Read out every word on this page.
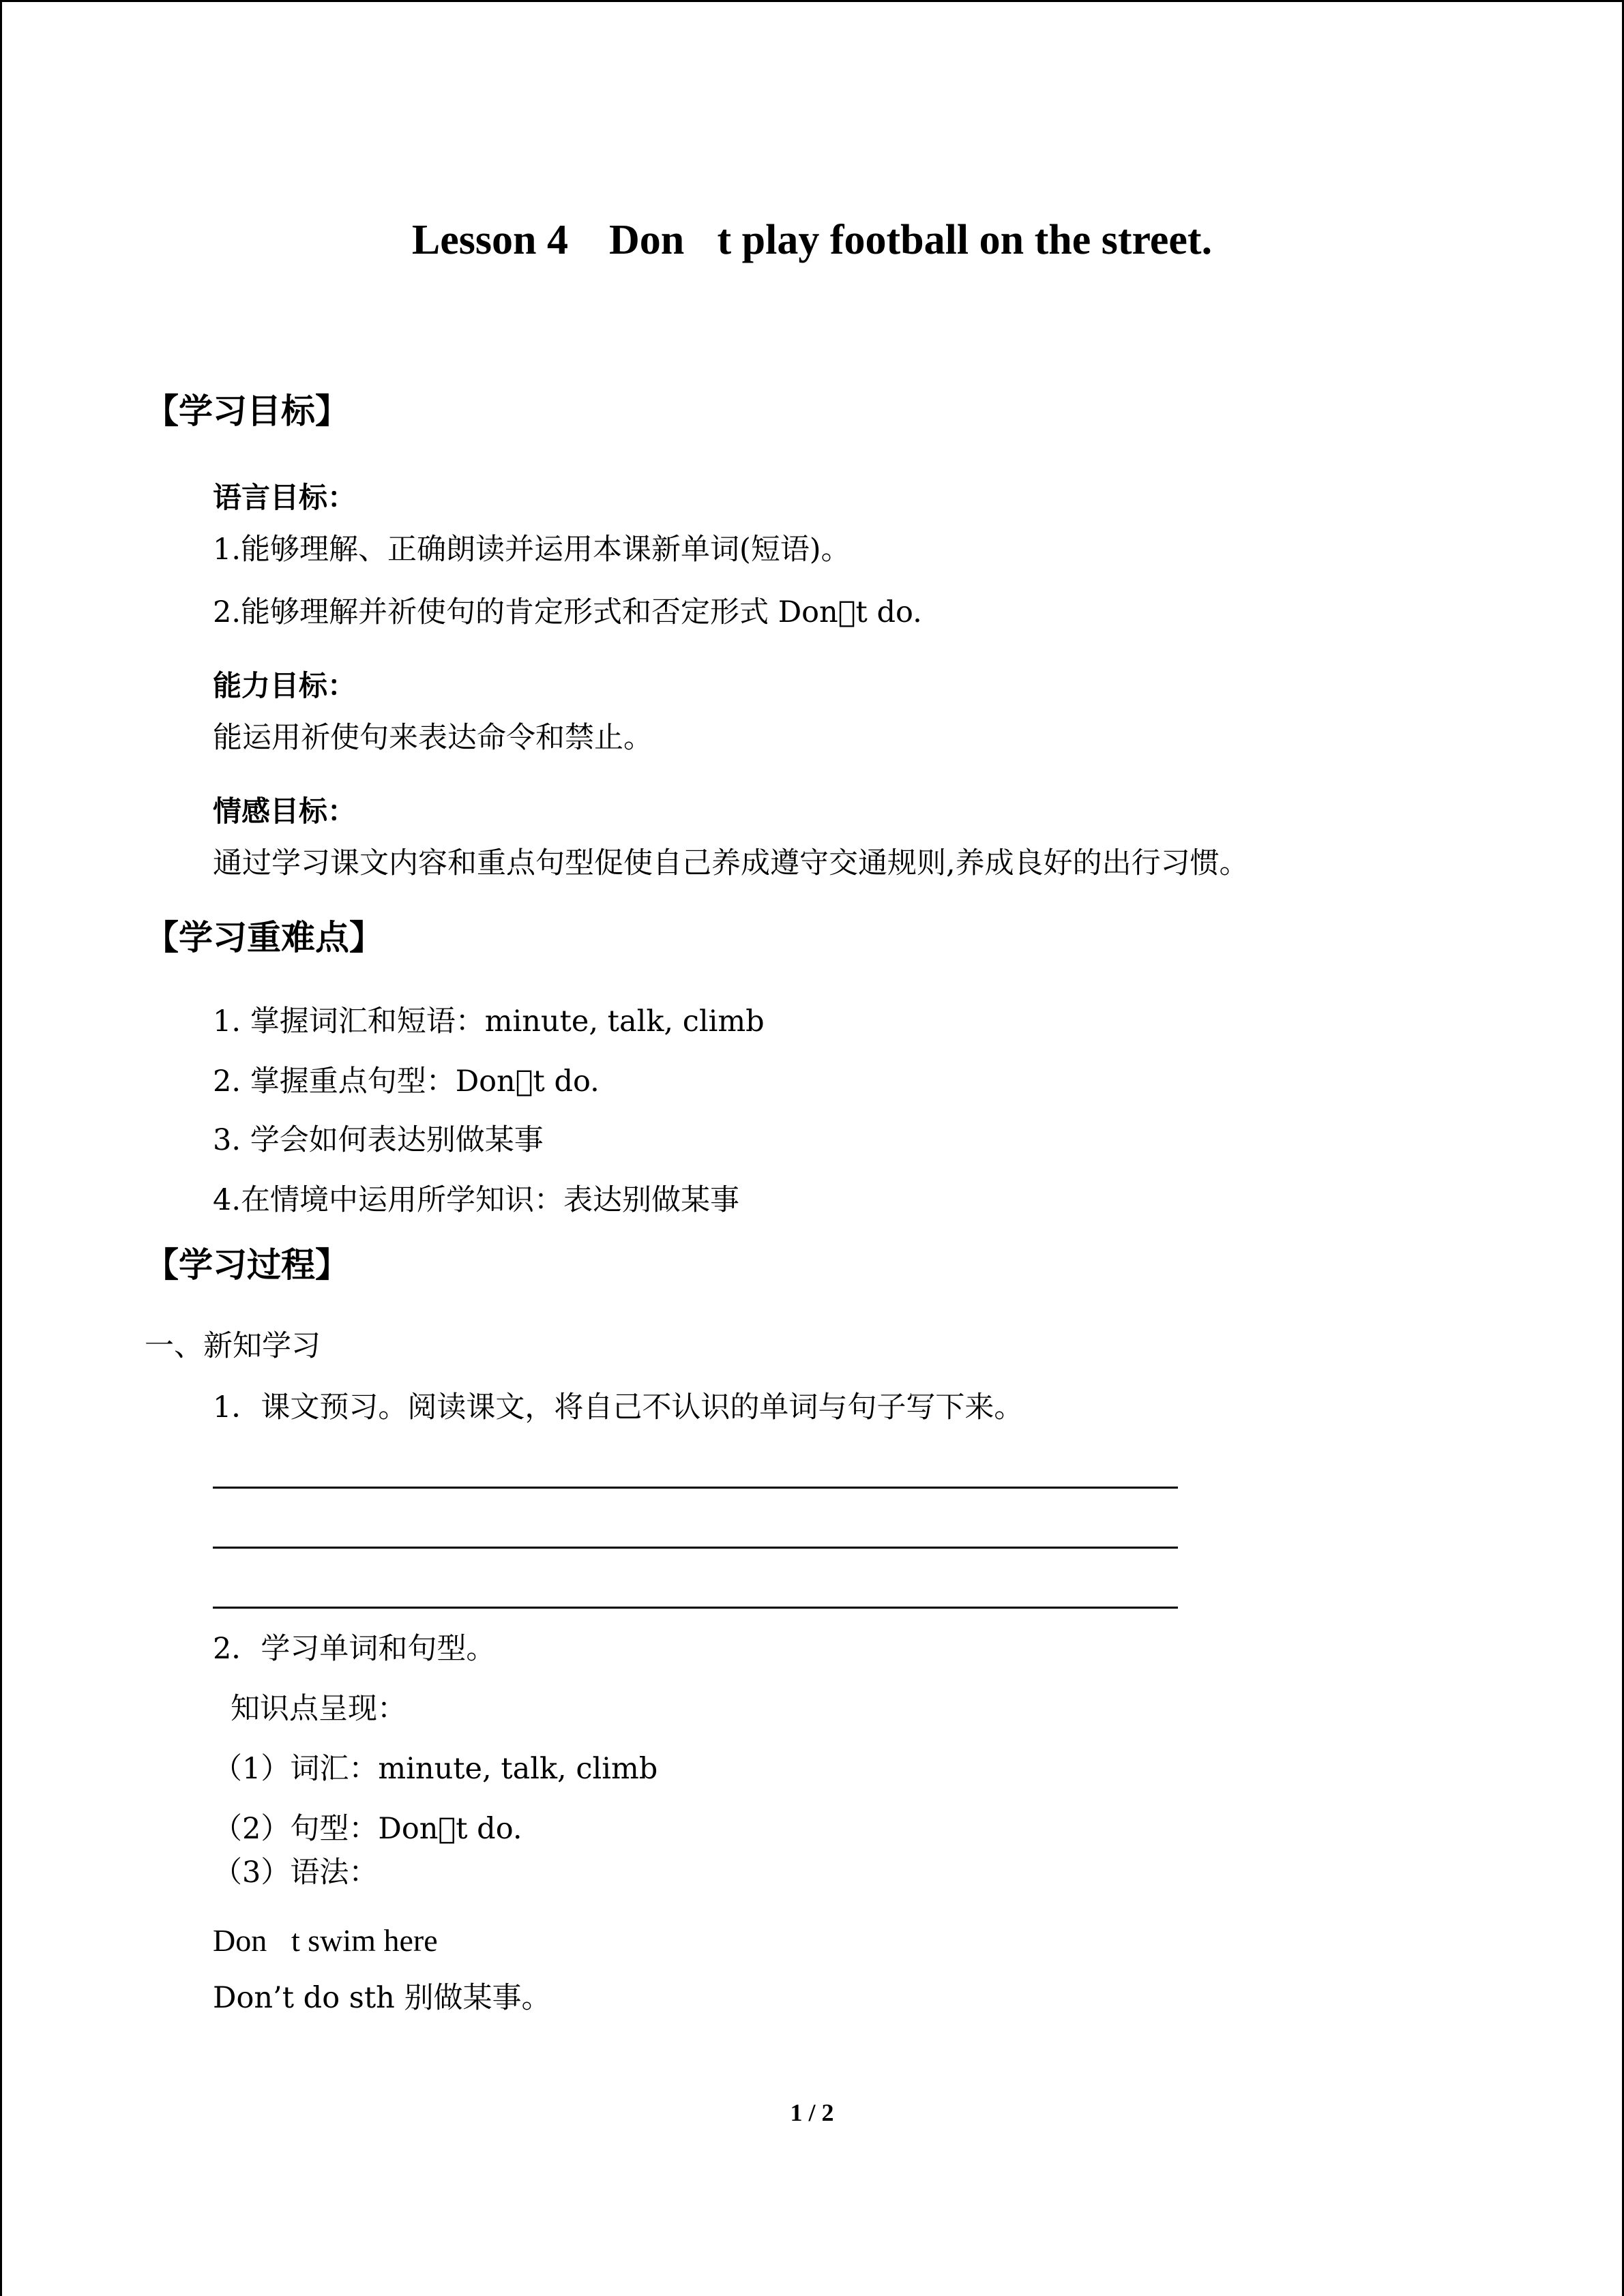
Lesson 4 Don t play football on the street.
【学习目标】
语言目标：
1.能够理解、正确朗读并运用本课新单词(短语)。
2.能够理解并祈使句的肯定形式和否定形式 Don t do.
能力目标：
能运用祈使句来表达命令和禁止。
情感目标：
通过学习课文内容和重点句型促使自己养成遵守交通规则,养成良好的出行习惯。
【学习重难点】
1. 掌握词汇和短语：minute, talk, climb
2. 掌握重点句型：Don t do.
3. 学会如何表达别做某事
4.在情境中运用所学知识：表达别做某事
【学习过程】
一、新知学习
1．课文预习。阅读课文，将自己不认识的单词与句子写下来。
2．学习单词和句型。
知识点呈现：
（1）词汇：minute, talk, climb
（2）句型：Don t do.
（3）语法：
Don t swim here
Don’t do sth 别做某事。
1 / 2
